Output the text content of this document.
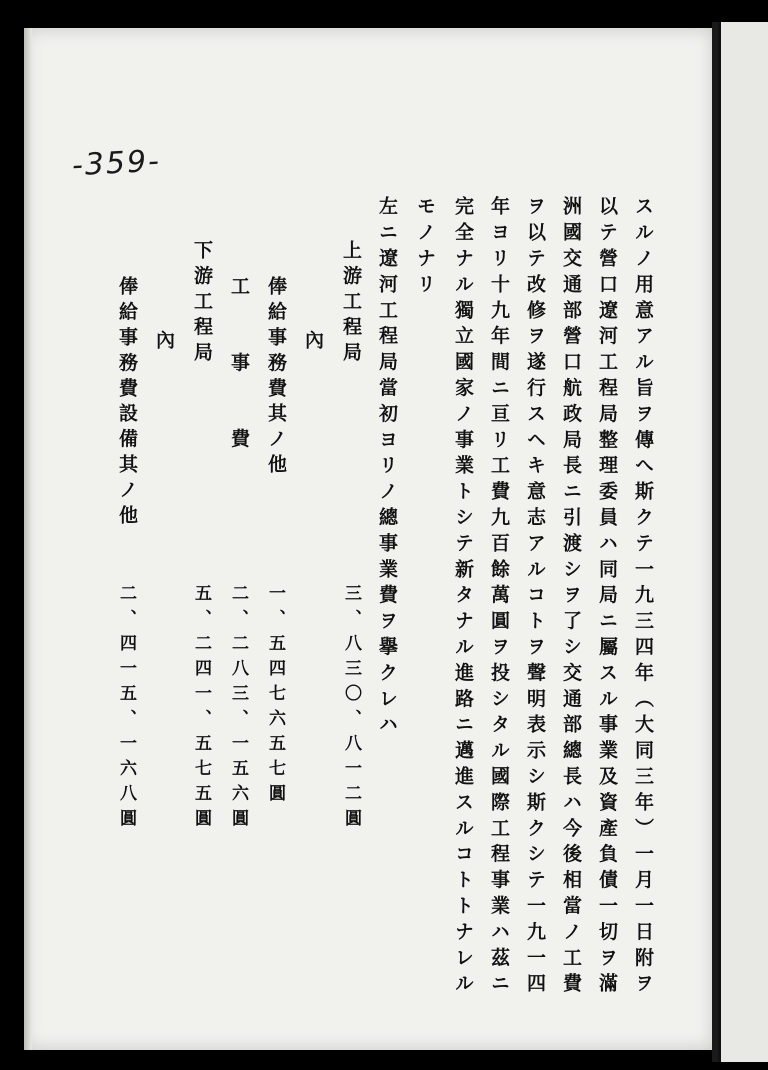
-359-
スルノ用意アル旨ヲ傳へ斯クテ一九三四年（大同三年）一月一日附ヲ
以テ營口遼河工程局整理委員ハ同局ニ屬スル事業及資產負債一切ヲ滿
洲國交通部營口航政局長ニ引渡シヲ了シ交通部總長ハ今後相當ノ工費
ヲ以テ改修ヲ遂行スヘキ意志アルコトヲ聲明表示シ斯クシテ一九一四
年ヨリ十九年間ニ亘リ工費九百餘萬圓ヲ投シタル國際工程事業ハ茲ニ
完全ナル獨立國家ノ事業トシテ新タナル進路ニ邁進スルコトトナレル
モノナリ
左ニ遼河工程局當初ヨリノ總事業費ヲ擧クレハ
上游工程局
三、八三〇、八一二圓
內
俸給事務費其ノ他
一、五四七六五七圓
工　　事　　費
二、二八三、一五六圓
下游工程局
五、二四一、五七五圓
內
俸給事務費設備其ノ他
二、四一五、一六八圓
